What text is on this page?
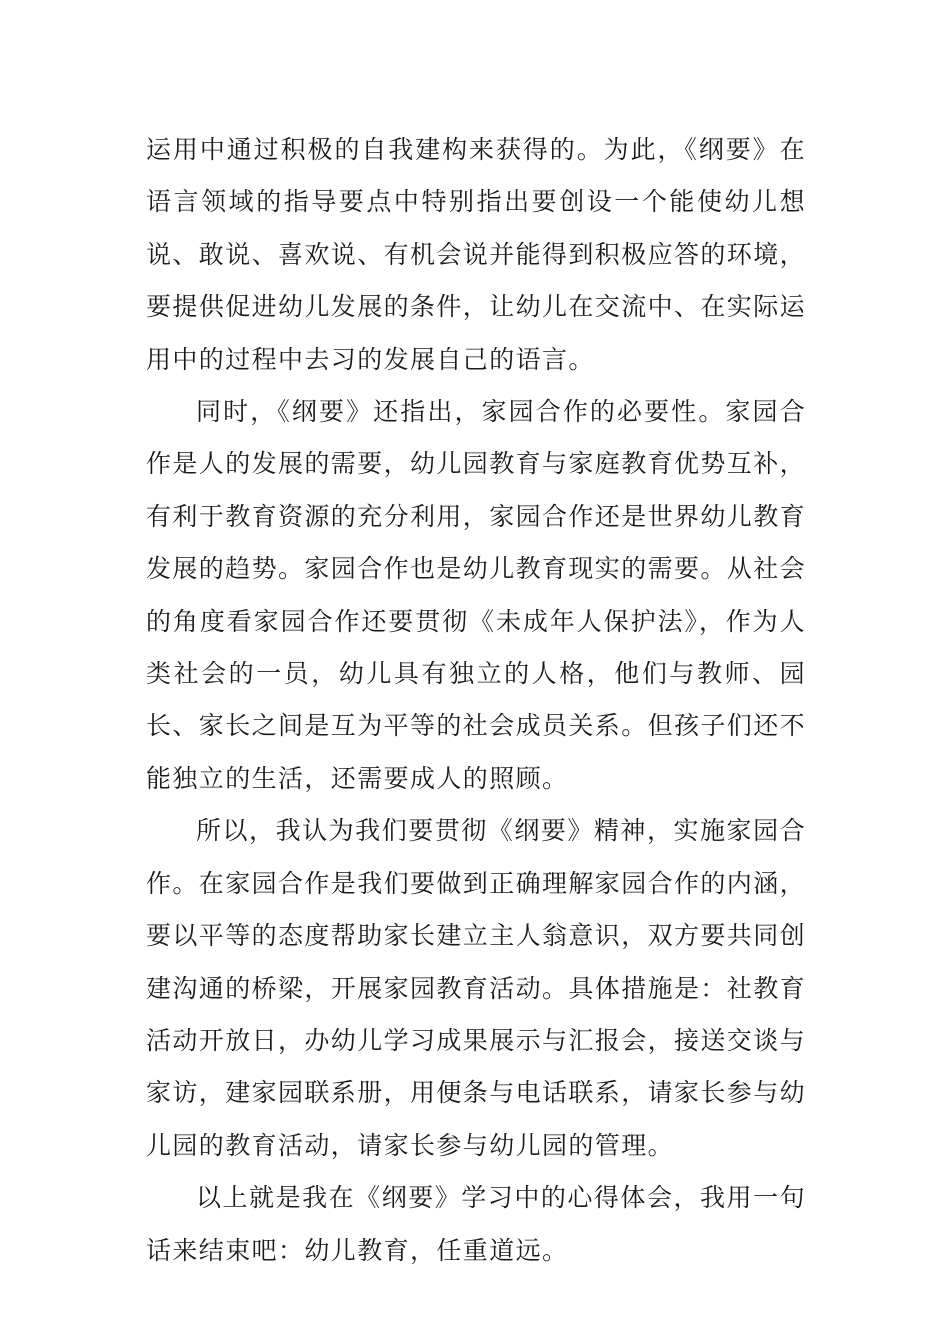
运用中通过积极的自我建构来获得的。为此，《纲要》在语言领域的指导要点中特别指出要创设一个能使幼儿想说、敢说、喜欢说、有机会说并能得到积极应答的环境，要提供促进幼儿发展的条件，让幼儿在交流中、在实际运用中的过程中去习的发展自己的语言。

同时，《纲要》还指出，家园合作的必要性。家园合作是人的发展的需要，幼儿园教育与家庭教育优势互补，有利于教育资源的充分利用，家园合作还是世界幼儿教育发展的趋势。家园合作也是幼儿教育现实的需要。从社会的角度看家园合作还要贯彻《未成年人保护法》，作为人类社会的一员，幼儿具有独立的人格，他们与教师、园长、家长之间是互为平等的社会成员关系。但孩子们还不能独立的生活，还需要成人的照顾。

所以，我认为我们要贯彻《纲要》精神，实施家园合作。在家园合作是我们要做到正确理解家园合作的内涵，要以平等的态度帮助家长建立主人翁意识，双方要共同创建沟通的桥梁，开展家园教育活动。具体措施是：社教育活动开放日，办幼儿学习成果展示与汇报会，接送交谈与家访，建家园联系册，用便条与电话联系，请家长参与幼儿园的教育活动，请家长参与幼儿园的管理。

以上就是我在《纲要》学习中的心得体会，我用一句话来结束吧：幼儿教育，任重道远。
